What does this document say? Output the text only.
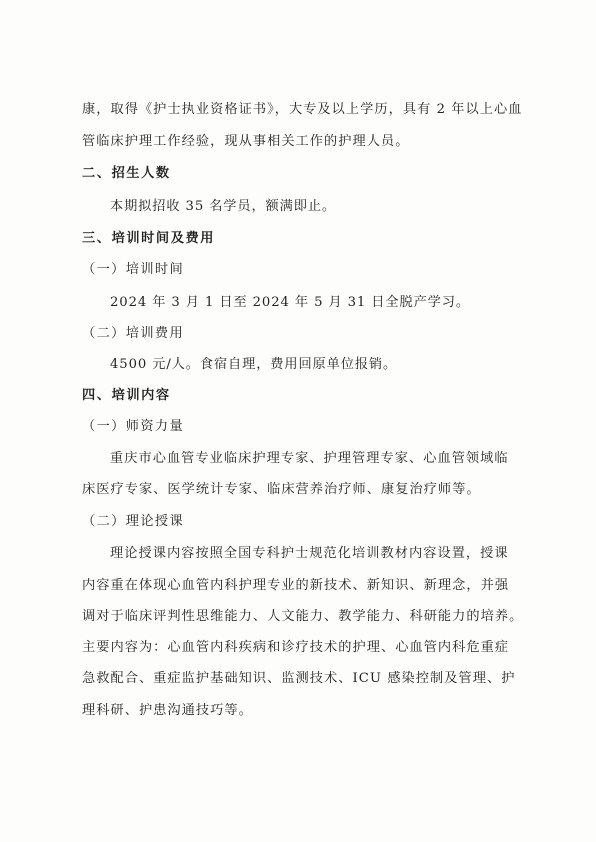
康，取得《护士执业资格证书》，大专及以上学历，具有 2 年以上心血
管临床护理工作经验，现从事相关工作的护理人员。
二、招生人数
本期拟招收 35 名学员，额满即止。
三、培训时间及费用
（一）培训时间
2024 年 3 月 1 日至 2024 年 5 月 31 日全脱产学习。
（二）培训费用
4500 元/人。食宿自理，费用回原单位报销。
四、培训内容
（一）师资力量
重庆市心血管专业临床护理专家、护理管理专家、心血管领域临
床医疗专家、医学统计专家、临床营养治疗师、康复治疗师等。
（二）理论授课
理论授课内容按照全国专科护士规范化培训教材内容设置，授课
内容重在体现心血管内科护理专业的新技术、新知识、新理念，并强
调对于临床评判性思维能力、人文能力、教学能力、科研能力的培养。
主要内容为：心血管内科疾病和诊疗技术的护理、心血管内科危重症
急救配合、重症监护基础知识、监测技术、ICU 感染控制及管理、护
理科研、护患沟通技巧等。
